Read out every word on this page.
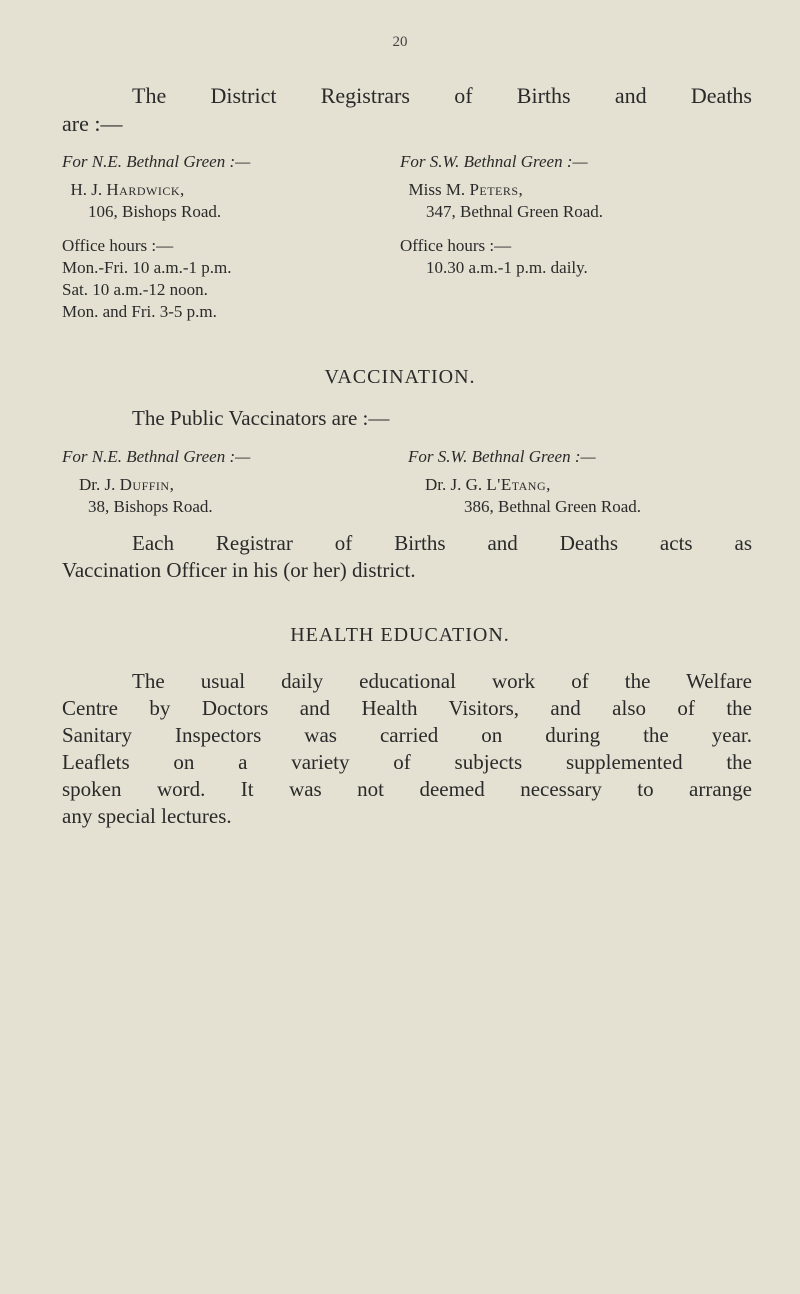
20
The District Registrars of Births and Deaths
are :—
For N.E. Bethnal Green :—
H. J. Hardwick,
106, Bishops Road.
Office hours :—
Mon.-Fri. 10 a.m.-1 p.m.
Sat. 10 a.m.-12 noon.
Mon. and Fri. 3-5 p.m.
For S.W. Bethnal Green :—
Miss M. Peters,
347, Bethnal Green Road.
Office hours :—
10.30 a.m.-1 p.m. daily.
VACCINATION.
The Public Vaccinators are :—
For N.E. Bethnal Green :—
Dr. J. Duffin,
38, Bishops Road.
For S.W. Bethnal Green :—
Dr. J. G. L'Etang,
386, Bethnal Green Road.
Each Registrar of Births and Deaths acts as
Vaccination Officer in his (or her) district.
HEALTH EDUCATION.
The usual daily educational work of the Welfare
Centre by Doctors and Health Visitors, and also of the
Sanitary Inspectors was carried on during the year.
Leaflets on a variety of subjects supplemented the
spoken word. It was not deemed necessary to arrange
any special lectures.
